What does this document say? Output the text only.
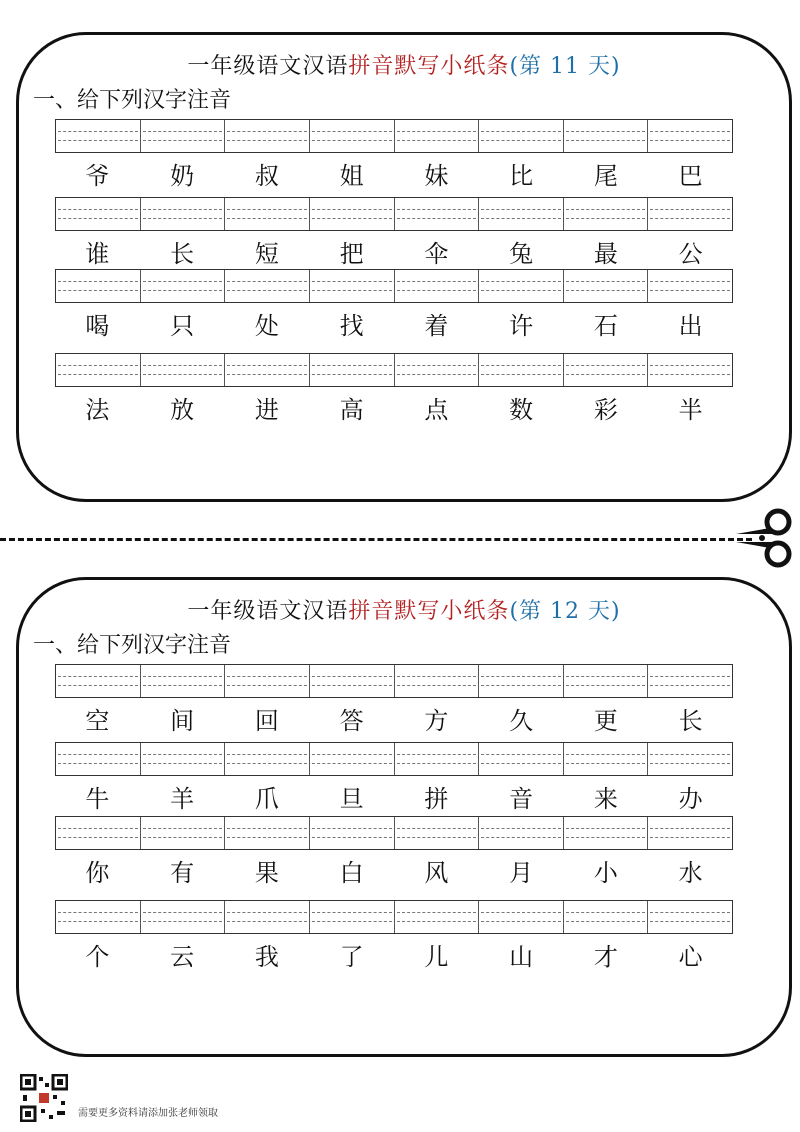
一年级语文汉语拼音默写小纸条(第 11 天)
一、给下列汉字注音
爷	奶	叔	姐	妹	比	尾	巴
谁	长	短	把	伞	兔	最	公
喝	只	处	找	着	许	石	出
法	放	进	高	点	数	彩	半
一年级语文汉语拼音默写小纸条(第 12 天)
一、给下列汉字注音
空	间	回	答	方	久	更	长
牛	羊	爪	旦	拼	音	来	办
你	有	果	白	风	月	小	水
个	云	我	了	儿	山	才	心
需要更多资料请添加张老师领取
